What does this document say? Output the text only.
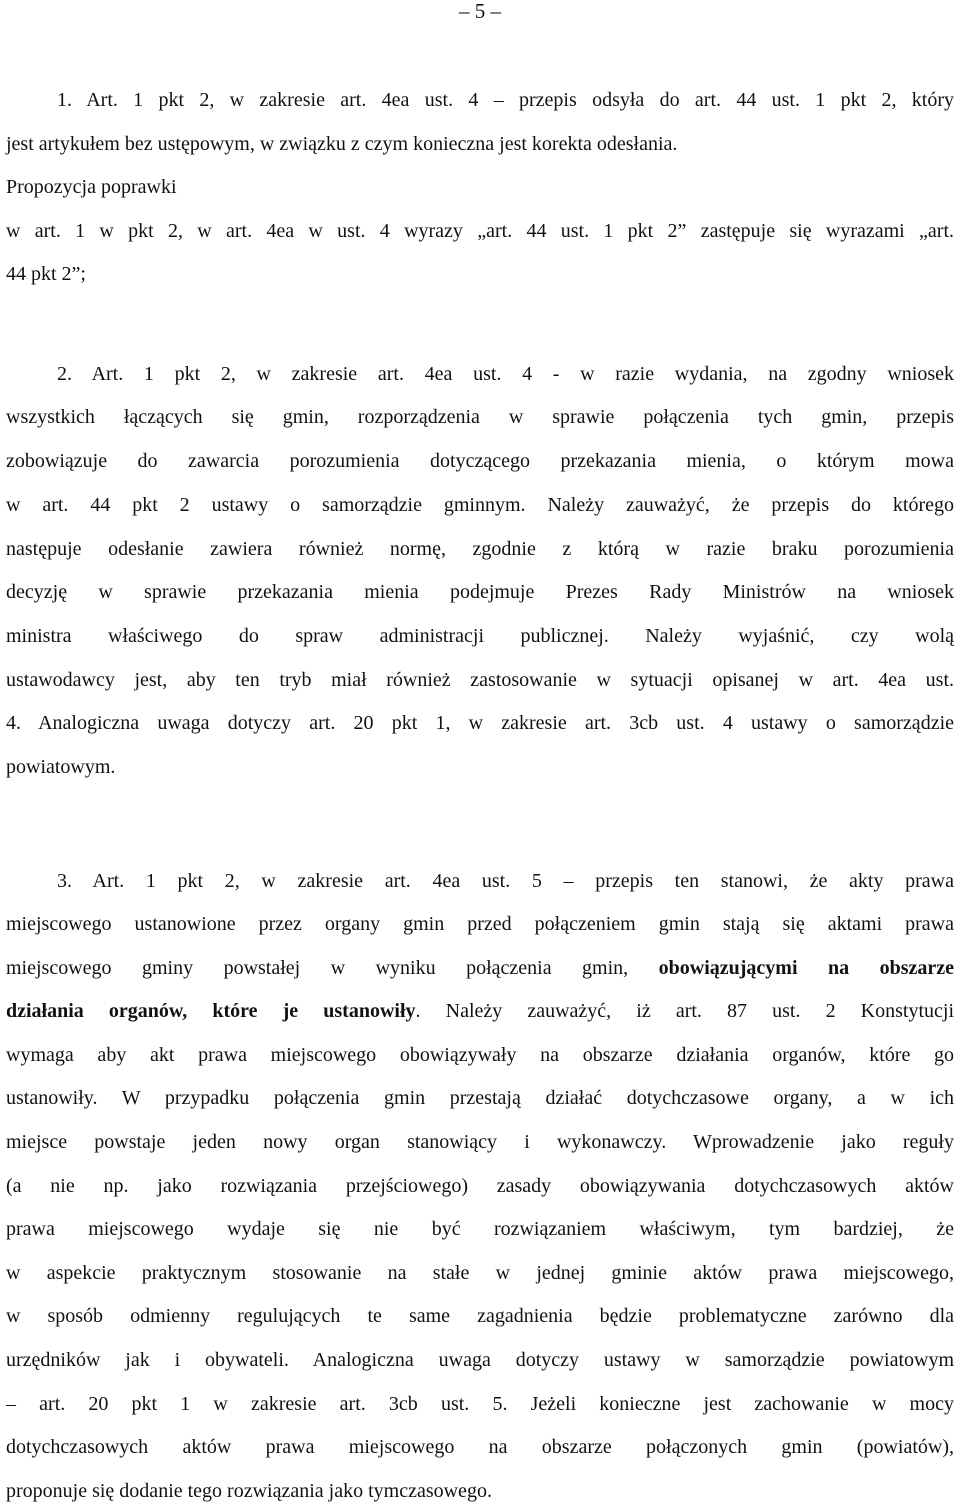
– 5 –
1. Art. 1 pkt 2, w zakresie art. 4ea ust. 4 – przepis odsyła do art. 44 ust. 1 pkt 2, który
jest artykułem bez ustępowym, w związku z czym konieczna jest korekta odesłania.
Propozycja poprawki
w art. 1 w pkt 2, w art. 4ea w ust. 4 wyrazy „art. 44 ust. 1 pkt 2” zastępuje się wyrazami „art.
44 pkt 2”;
2. Art. 1 pkt 2, w zakresie art. 4ea ust. 4 - w razie wydania, na zgodny wniosek
wszystkich łączących się gmin, rozporządzenia w sprawie połączenia tych gmin, przepis
zobowiązuje do zawarcia porozumienia dotyczącego przekazania mienia, o którym mowa
w art. 44 pkt 2 ustawy o samorządzie gminnym. Należy zauważyć, że przepis do którego
następuje odesłanie zawiera również normę, zgodnie z którą w razie braku porozumienia
decyzję w sprawie przekazania mienia podejmuje Prezes Rady Ministrów na wniosek
ministra właściwego do spraw administracji publicznej. Należy wyjaśnić, czy wolą
ustawodawcy jest, aby ten tryb miał również zastosowanie w sytuacji opisanej w art. 4ea ust.
4. Analogiczna uwaga dotyczy art. 20 pkt 1, w zakresie art. 3cb ust. 4 ustawy o samorządzie
powiatowym.
3. Art. 1 pkt 2, w zakresie art. 4ea ust. 5 – przepis ten stanowi, że akty prawa
miejscowego ustanowione przez organy gmin przed połączeniem gmin stają się aktami prawa
miejscowego gminy powstałej w wyniku połączenia gmin, obowiązującymi na obszarze
działania organów, które je ustanowiły. Należy zauważyć, iż art. 87 ust. 2 Konstytucji
wymaga aby akt prawa miejscowego obowiązywały na obszarze działania organów, które go
ustanowiły. W przypadku połączenia gmin przestają działać dotychczasowe organy, a w ich
miejsce powstaje jeden nowy organ stanowiący i wykonawczy. Wprowadzenie jako reguły
(a nie np. jako rozwiązania przejściowego) zasady obowiązywania dotychczasowych aktów
prawa miejscowego wydaje się nie być rozwiązaniem właściwym, tym bardziej, że
w aspekcie praktycznym stosowanie na stałe w jednej gminie aktów prawa miejscowego,
w sposób odmienny regulujących te same zagadnienia będzie problematyczne zarówno dla
urzędników jak i obywateli. Analogiczna uwaga dotyczy ustawy w samorządzie powiatowym
– art. 20 pkt 1 w zakresie art. 3cb ust. 5. Jeżeli konieczne jest zachowanie w mocy
dotychczasowych aktów prawa miejscowego na obszarze połączonych gmin (powiatów),
proponuje się dodanie tego rozwiązania jako tymczasowego.
